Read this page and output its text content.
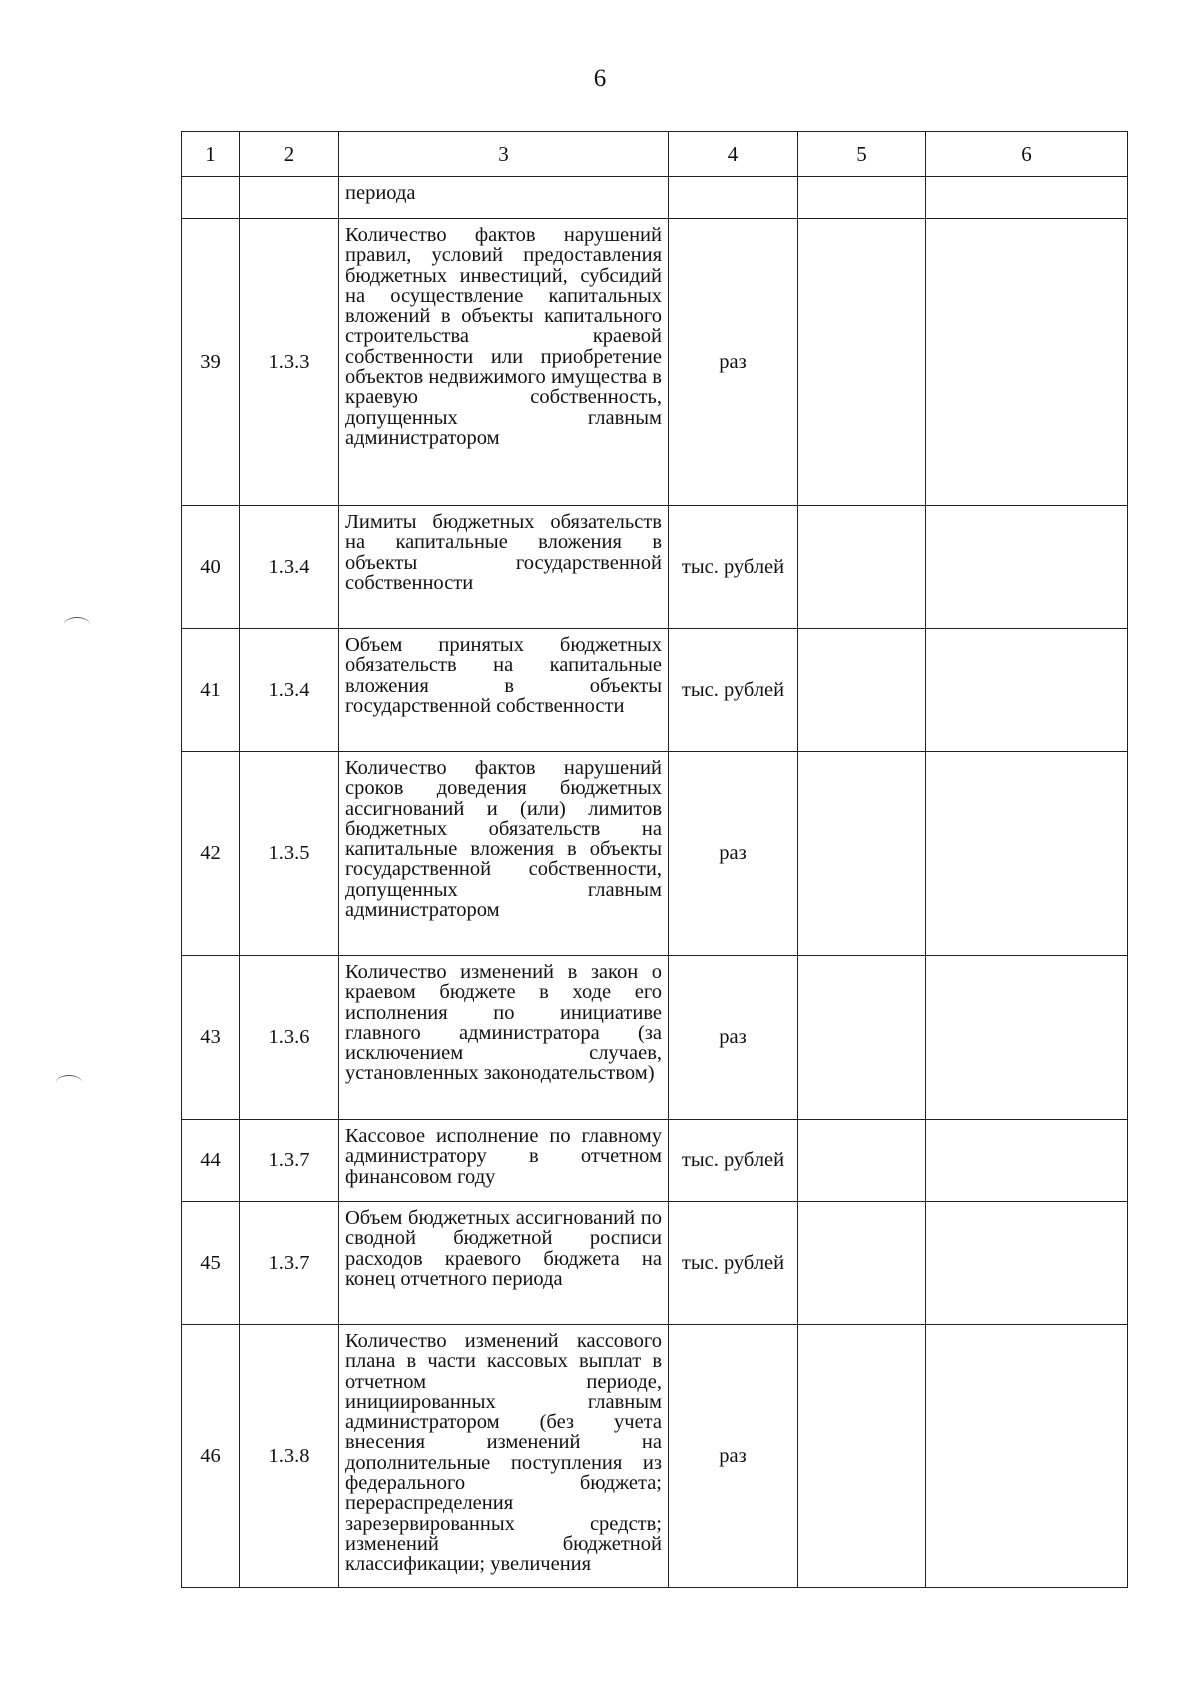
6
1	2	3	4	5	6
		периода			
39	1.3.3	Количество фактов нарушений правил, условий предоставления бюджетных инвестиций, субсидий на осуществление капитальных вложений в объекты капитального строительства краевой собственности или приобретение объектов недвижимого имущества в краевую собственность, допущенных главным администратором	раз		
40	1.3.4	Лимиты бюджетных обязательств на капитальные вложения в объекты государственной собственности	тыс. рублей		
41	1.3.4	Объем принятых бюджетных обязательств на капитальные вложения в объекты государственной собственности	тыс. рублей		
42	1.3.5	Количество фактов нарушений сроков доведения бюджетных ассигнований и (или) лимитов бюджетных обязательств на капитальные вложения в объекты государственной собственности, допущенных главным администратором	раз		
43	1.3.6	Количество изменений в закон о краевом бюджете в ходе его исполнения по инициативе главного администратора (за исключением случаев, установленных законодательством)	раз		
44	1.3.7	Кассовое исполнение по главному администратору в отчетном финансовом году	тыс. рублей		
45	1.3.7	Объем бюджетных ассигнований по сводной бюджетной росписи расходов краевого бюджета на конец отчетного периода	тыс. рублей		
46	1.3.8	Количество изменений кассового плана в части кассовых выплат в отчетном периоде, инициированных главным администратором (без учета внесения изменений на дополнительные поступления из федерального бюджета; перераспределения зарезервированных средств; изменений бюджетной классификации; увеличения	раз		
